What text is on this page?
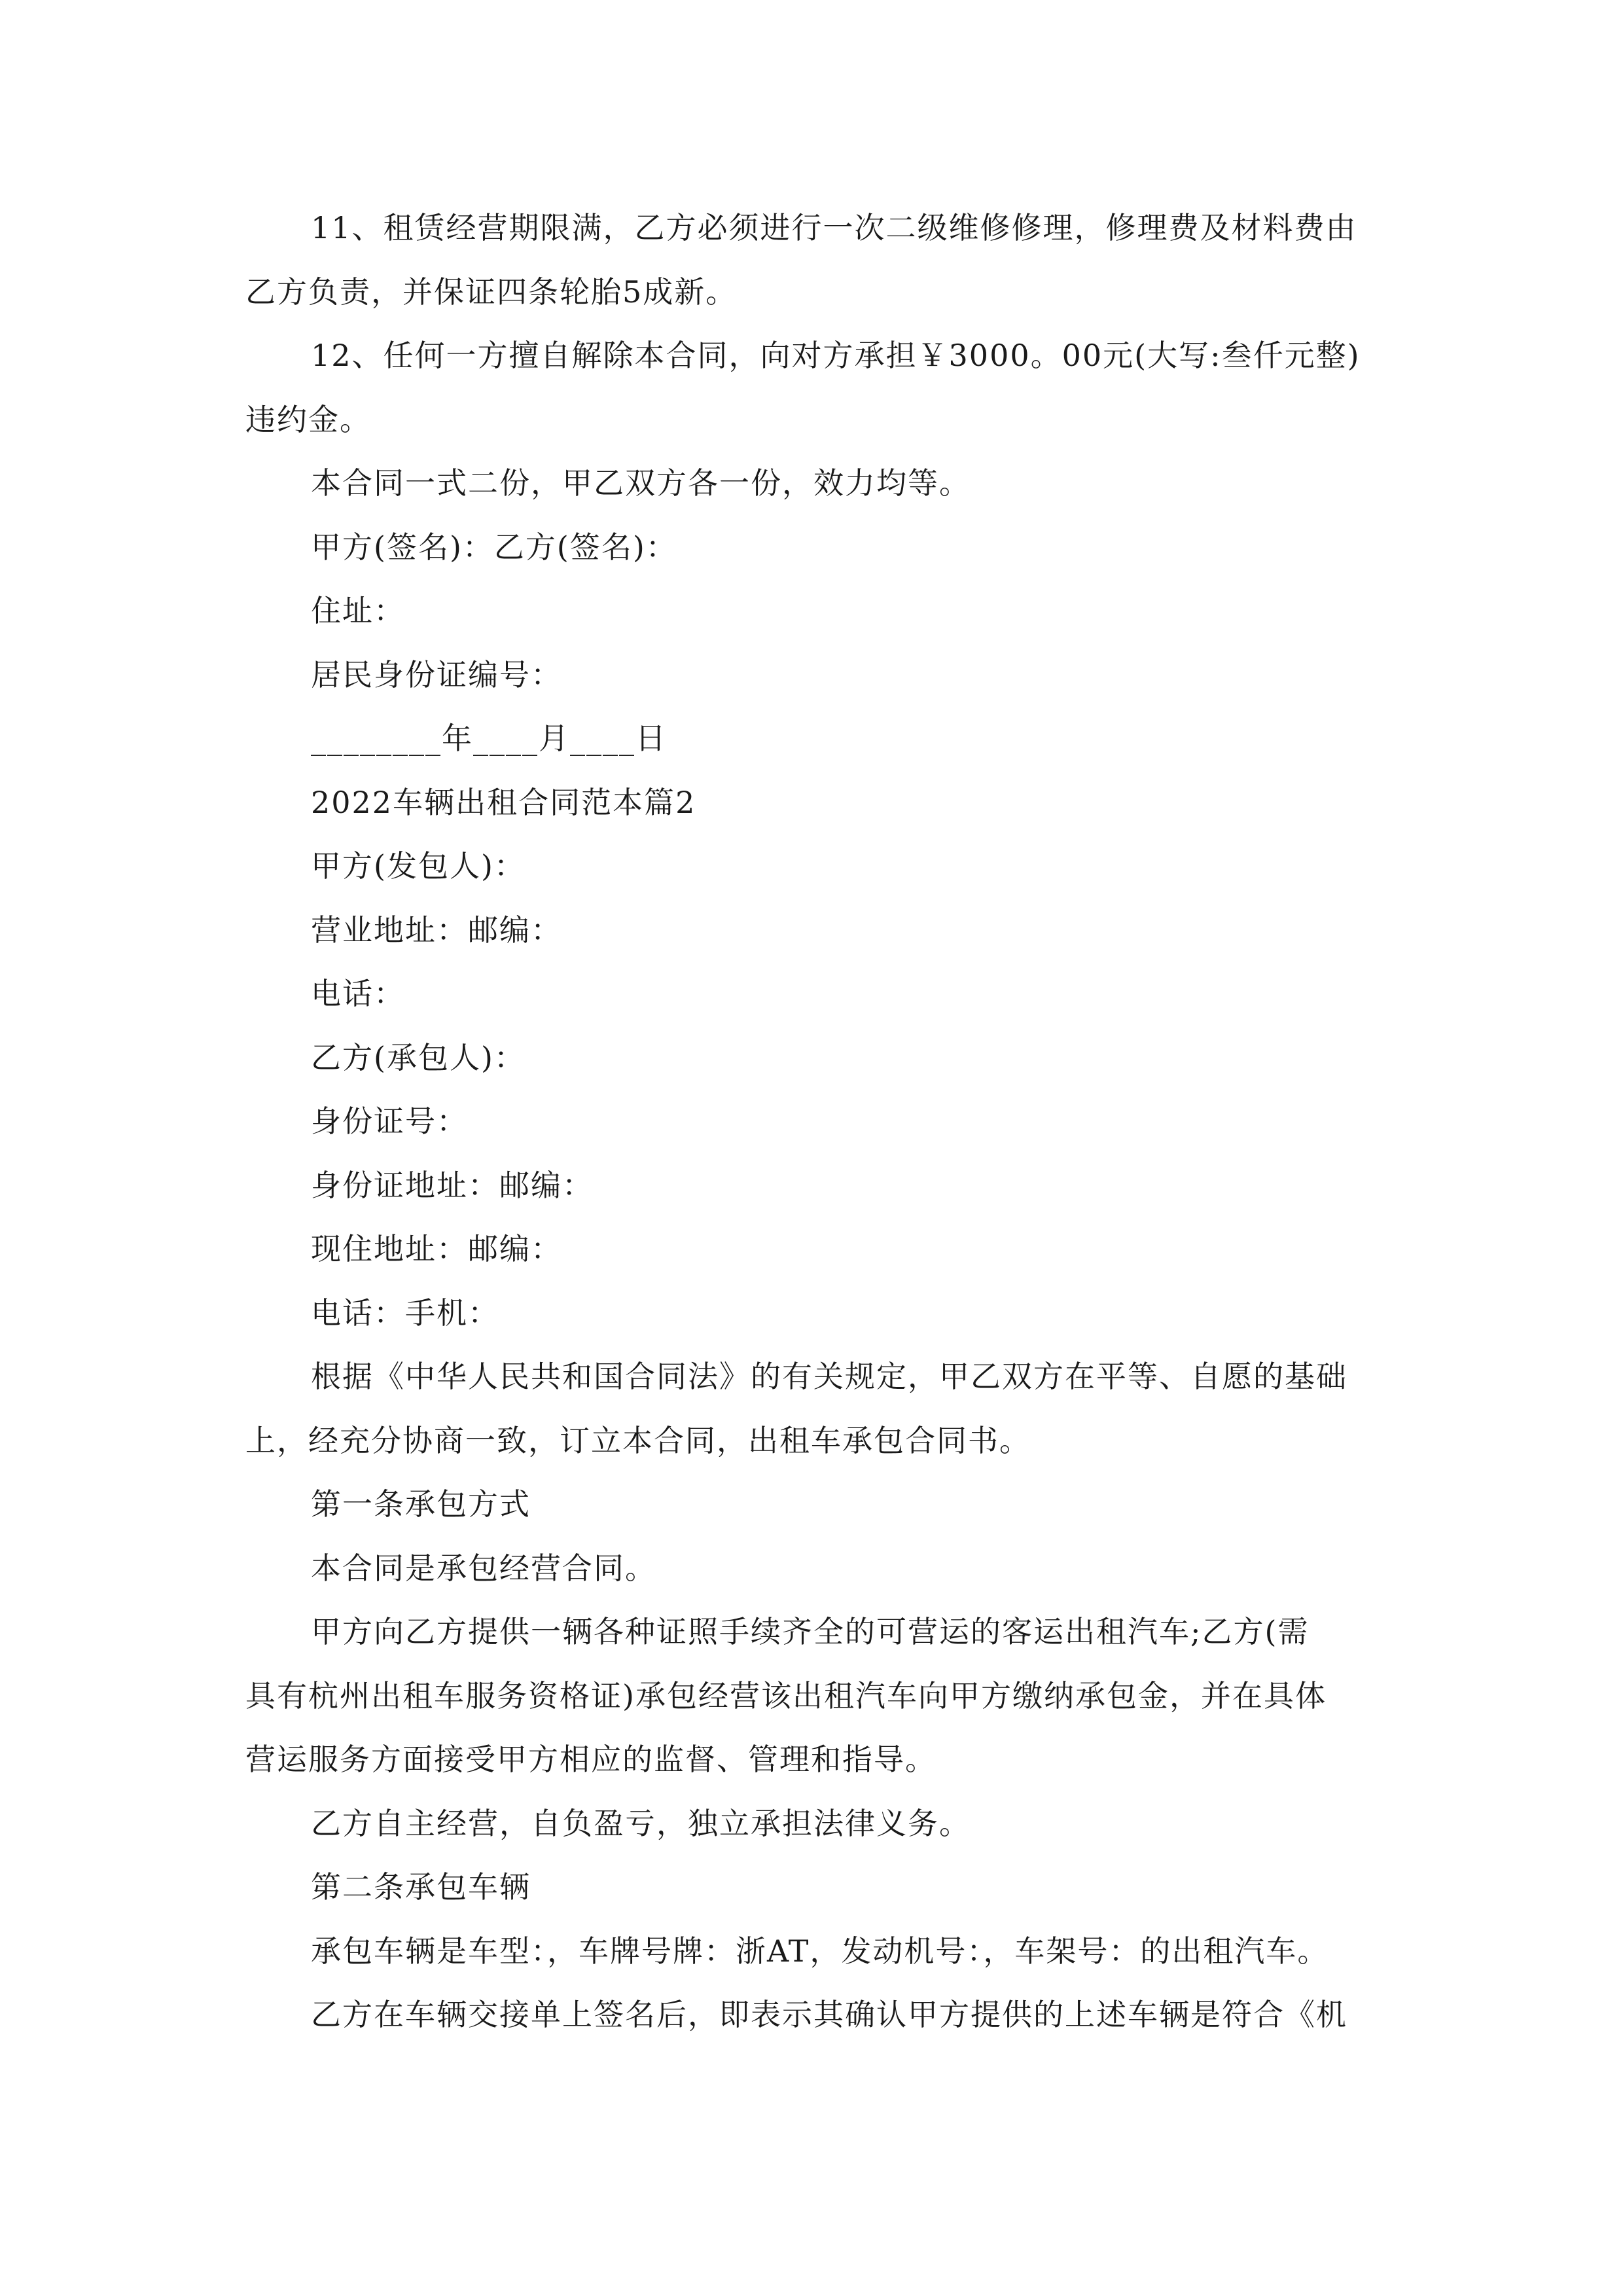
11、租赁经营期限满，乙方必须进行一次二级维修修理，修理费及材料费由

乙方负责，并保证四条轮胎5成新。

12、任何一方擅自解除本合同，向对方承担￥3000。00元(大写:叁仟元整)

违约金。

本合同一式二份，甲乙双方各一份，效力均等。

甲方(签名)：乙方(签名)：

住址：

居民身份证编号：

________年____月____日

2022车辆出租合同范本篇2

甲方(发包人)：

营业地址：邮编：

电话：

乙方(承包人)：

身份证号：

身份证地址：邮编：

现住地址：邮编：

电话：手机：

根据《中华人民共和国合同法》的有关规定，甲乙双方在平等、自愿的基础

上，经充分协商一致，订立本合同，出租车承包合同书。

第一条承包方式

本合同是承包经营合同。

甲方向乙方提供一辆各种证照手续齐全的可营运的客运出租汽车;乙方(需

具有杭州出租车服务资格证)承包经营该出租汽车向甲方缴纳承包金，并在具体

营运服务方面接受甲方相应的监督、管理和指导。

乙方自主经营，自负盈亏，独立承担法律义务。

第二条承包车辆

承包车辆是车型：，车牌号牌：浙AT，发动机号：，车架号：的出租汽车。

乙方在车辆交接单上签名后，即表示其确认甲方提供的上述车辆是符合《机
